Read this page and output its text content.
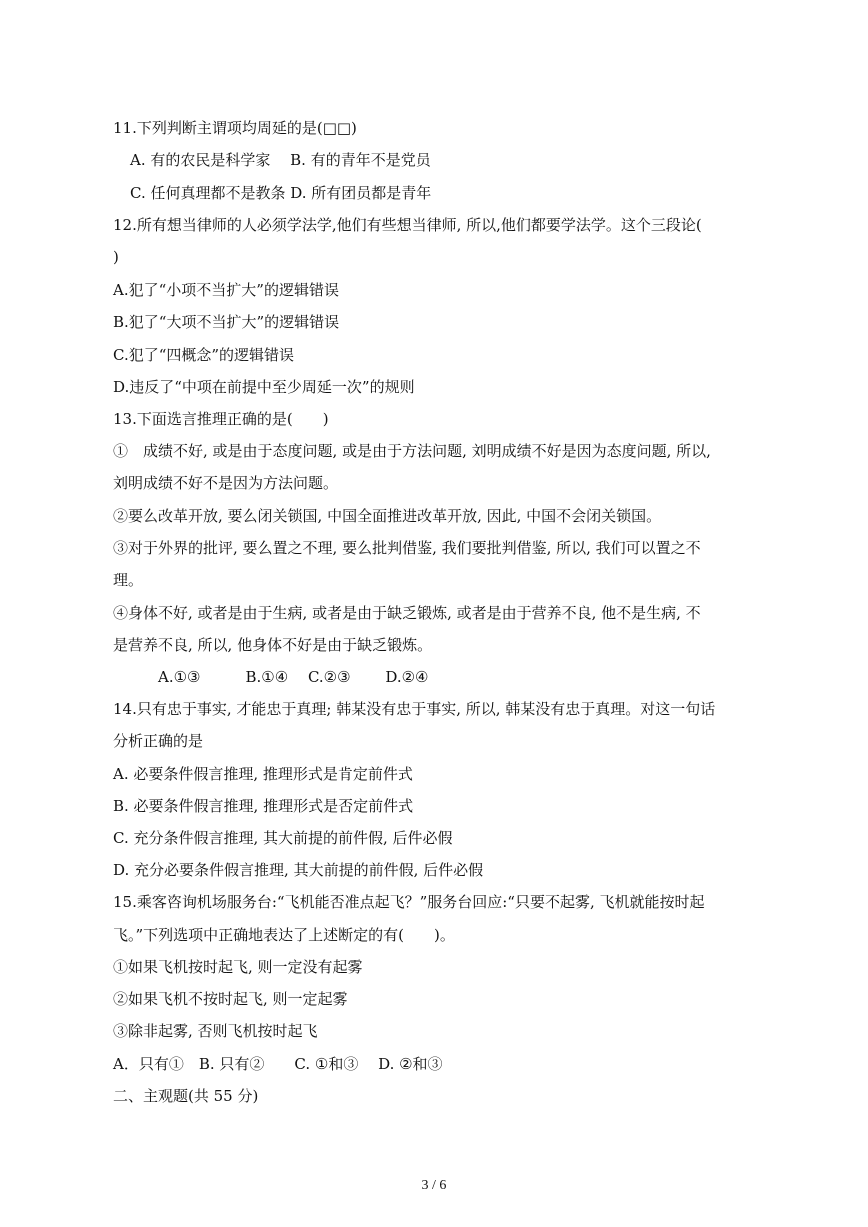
11.下列判断主谓项均周延的是(□□)
A. 有的农民是科学家　 B. 有的青年不是党员
C. 任何真理都不是教条 D. 所有团员都是青年
12.所有想当律师的人必须学法学,他们有些想当律师, 所以,他们都要学法学。这个三段论(
)
A.犯了“小项不当扩大”的逻辑错误
B.犯了“大项不当扩大”的逻辑错误
C.犯了“四概念”的逻辑错误
D.违反了“中项在前提中至少周延一次”的规则
13.下面选言推理正确的是(　　)
①　成绩不好, 或是由于态度问题, 或是由于方法问题, 刘明成绩不好是因为态度问题, 所以,
刘明成绩不好不是因为方法问题。
②要么改革开放, 要么闭关锁国, 中国全面推进改革开放, 因此, 中国不会闭关锁国。
③对于外界的批评, 要么置之不理, 要么批判借鉴, 我们要批判借鉴, 所以, 我们可以置之不
理。
④身体不好, 或者是由于生病, 或者是由于缺乏锻炼, 或者是由于营养不良, 他不是生病, 不
是营养不良, 所以, 他身体不好是由于缺乏锻炼。
A.①③　　　B.①④　 C.②③　　 D.②④
14.只有忠于事实, 才能忠于真理; 韩某没有忠于事实, 所以, 韩某没有忠于真理。对这一句话
分析正确的是
A. 必要条件假言推理, 推理形式是肯定前件式
B. 必要条件假言推理, 推理形式是否定前件式
C. 充分条件假言推理, 其大前提的前件假, 后件必假
D. 充分必要条件假言推理, 其大前提的前件假, 后件必假
15.乘客咨询机场服务台:“飞机能否准点起飞？”服务台回应:“只要不起雾, 飞机就能按时起
飞。”下列选项中正确地表达了上述断定的有(　　)。
①如果飞机按时起飞, 则一定没有起雾
②如果飞机不按时起飞, 则一定起雾
③除非起雾, 否则飞机按时起飞
A．只有①　B. 只有②　　C. ①和③　 D. ②和③
二、主观题(共 55 分)
3 / 6
